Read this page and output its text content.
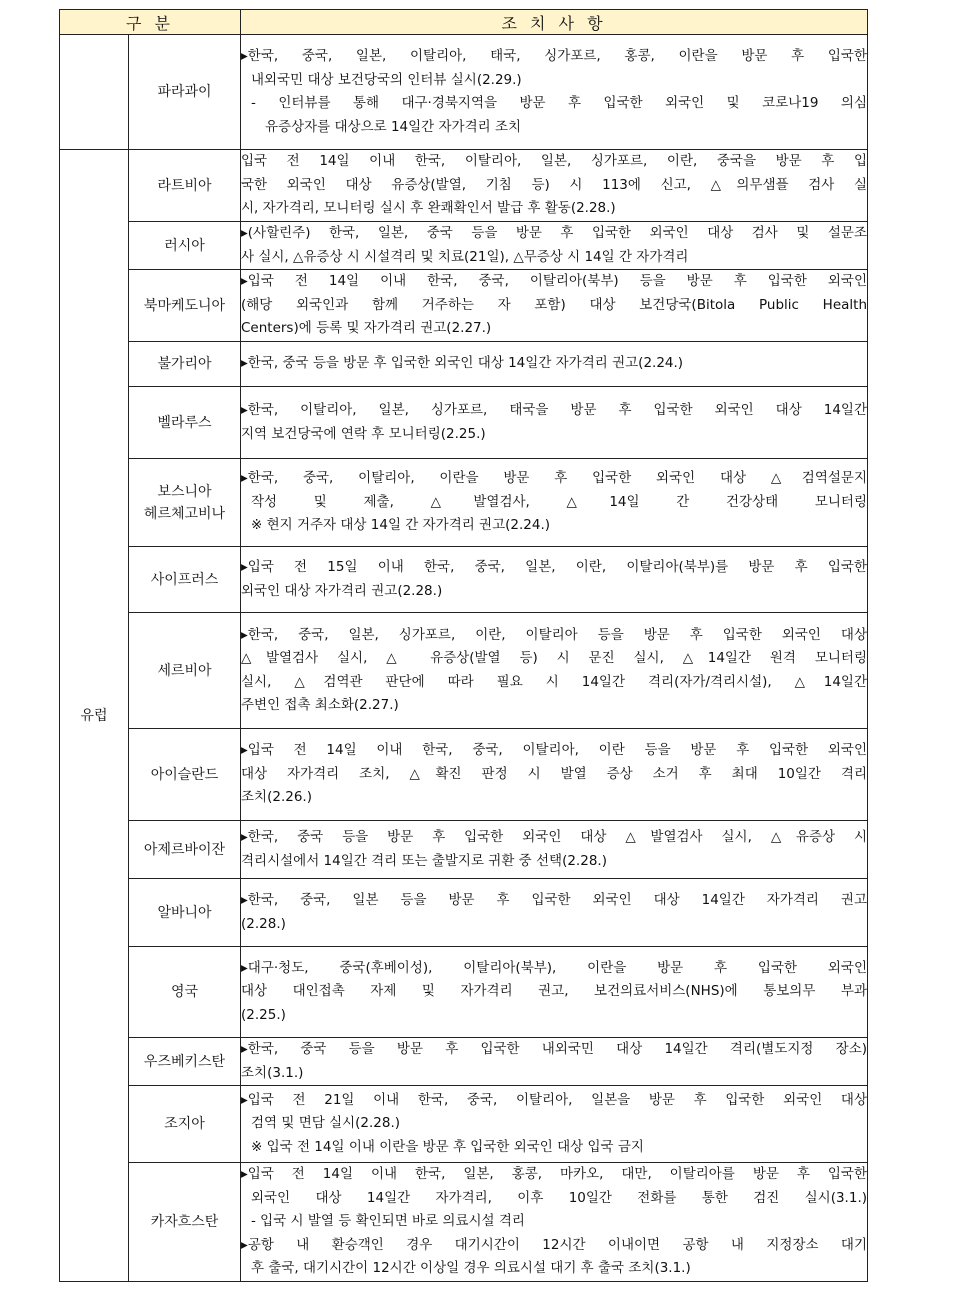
구 분		조 치 사 항

	파라과이	▸한국, 중국, 일본, 이탈리아, 태국, 싱가포르, 홍콩, 이란을 방문 후 입국한
내외국민 대상 보건당국의 인터뷰 실시(2.29.)
- 인터뷰를 통해 대구·경북지역을 방문 후 입국한 외국인 및 코로나19 의심
유증상자를 대상으로 14일간 자가격리 조치

유럽	라트비아	입국 전 14일 이내 한국, 이탈리아, 일본, 싱가포르, 이란, 중국을 방문 후 입
국한 외국인 대상 유증상(발열, 기침 등) 시 113에 신고, △의무샘플 검사 실
시, 자가격리, 모니터링 실시 후 완쾌확인서 발급 후 활동(2.28.)

	러시아	▸(사할린주) 한국, 일본, 중국 등을 방문 후 입국한 외국인 대상 검사 및 설문조
사 실시, △유증상 시 시설격리 및 치료(21일), △무증상 시 14일 간 자가격리

	북마케도니아	▸입국 전 14일 이내 한국, 중국, 이탈리아(북부) 등을 방문 후 입국한 외국인
(해당 외국인과 함께 거주하는 자 포함) 대상 보건당국(Bitola Public Health
Centers)에 등록 및 자가격리 권고(2.27.)

	불가리아	▸한국, 중국 등을 방문 후 입국한 외국인 대상 14일간 자가격리 권고(2.24.)

	벨라루스	▸한국, 이탈리아, 일본, 싱가포르, 태국을 방문 후 입국한 외국인 대상 14일간
지역 보건당국에 연락 후 모니터링(2.25.)

	보스니아
헤르체고비나	▸한국, 중국, 이탈리아, 이란을 방문 후 입국한 외국인 대상 △검역설문지
작성 및 제출, △발열검사, △14일 간 건강상태 모니터링
※ 현지 거주자 대상 14일 간 자가격리 권고(2.24.)

	사이프러스	▸입국 전 15일 이내 한국, 중국, 일본, 이란, 이탈리아(북부)를 방문 후 입국한
외국인 대상 자가격리 권고(2.28.)

	세르비아	▸한국, 중국, 일본, 싱가포르, 이란, 이탈리아 등을 방문 후 입국한 외국인 대상
△발열검사 실시, △ 유증상(발열 등) 시 문진 실시, △14일간 원격 모니터링
실시, △검역관 판단에 따라 필요 시 14일간 격리(자가/격리시설), △14일간
주변인 접촉 최소화(2.27.)

	아이슬란드	▸입국 전 14일 이내 한국, 중국, 이탈리아, 이란 등을 방문 후 입국한 외국인
대상 자가격리 조치, △확진 판정 시 발열 증상 소거 후 최대 10일간 격리
조치(2.26.)

	아제르바이잔	▸한국, 중국 등을 방문 후 입국한 외국인 대상 △발열검사 실시, △유증상 시
격리시설에서 14일간 격리 또는 출발지로 귀환 중 선택(2.28.)

	알바니아	▸한국, 중국, 일본 등을 방문 후 입국한 외국인 대상 14일간 자가격리 권고
(2.28.)

	영국	▸대구·청도, 중국(후베이성), 이탈리아(북부), 이란을 방문 후 입국한 외국인
대상 대인접촉 자제 및 자가격리 권고, 보건의료서비스(NHS)에 통보의무 부과
(2.25.)

	우즈베키스탄	▸한국, 중국 등을 방문 후 입국한 내외국민 대상 14일간 격리(별도지정 장소)
조치(3.1.)

	조지아	▸입국 전 21일 이내 한국, 중국, 이탈리아, 일본을 방문 후 입국한 외국인 대상
검역 및 면담 실시(2.28.)
※ 입국 전 14일 이내 이란을 방문 후 입국한 외국인 대상 입국 금지

	카자흐스탄	▸입국 전 14일 이내 한국, 일본, 홍콩, 마카오, 대만, 이탈리아를 방문 후 입국한
외국인 대상 14일간 자가격리, 이후 10일간 전화를 통한 검진 실시(3.1.)
- 입국 시 발열 등 확인되면 바로 의료시설 격리
▸공항 내 환승객인 경우 대기시간이 12시간 이내이면 공항 내 지정장소 대기
후 출국, 대기시간이 12시간 이상일 경우 의료시설 대기 후 출국 조치(3.1.)
